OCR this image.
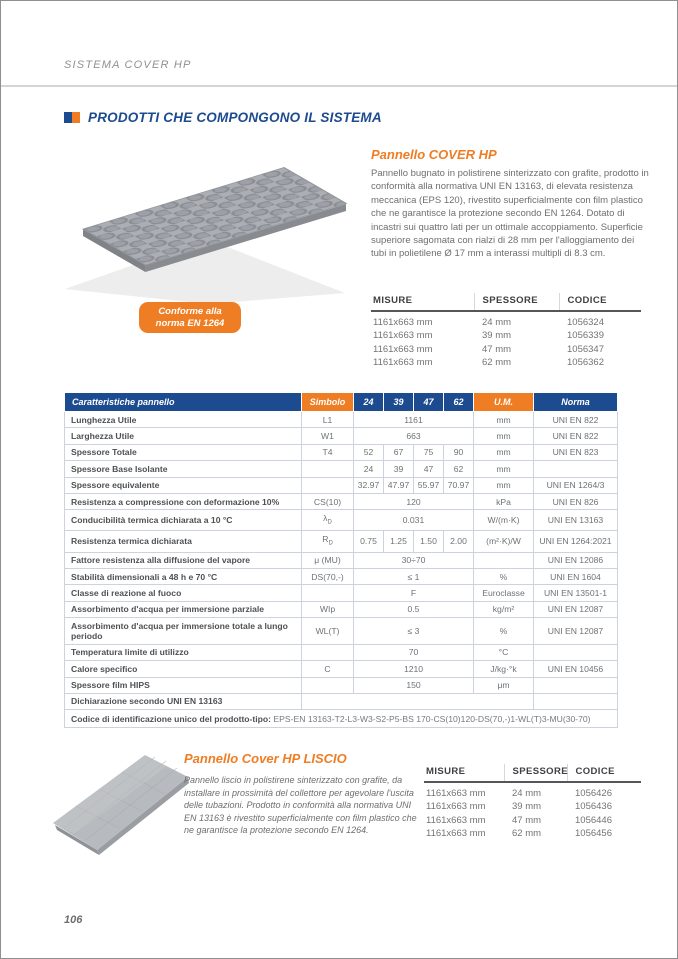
SISTEMA COVER HP
PRODOTTI CHE COMPONGONO IL SISTEMA
Conforme alla
norma EN 1264
Pannello COVER HP
Pannello bugnato in polistirene sinterizzato con grafite, prodotto in conformità alla normativa UNI EN 13163, di elevata resistenza meccanica (EPS 120), rivestito superficialmente con film plastico che ne garantisce la protezione secondo EN 1264. Dotato di incastri sui quattro lati per un ottimale accoppiamento. Superficie superiore sagomata con rialzi di 28 mm per l'alloggiamento dei tubi in polietilene Ø 17 mm a interassi multipli di 8.3 cm.
MISURE	SPESSORE	CODICE
1161x663 mm	24 mm	1056324
1161x663 mm	39 mm	1056339
1161x663 mm	47 mm	1056347
1161x663 mm	62 mm	1056362
Caratteristiche pannello	Simbolo	24	39	47	62	U.M.	Norma
Lunghezza Utile	L1	1161				mm	UNI EN 822
Larghezza Utile	W1	663				mm	UNI EN 822
Spessore Totale	T4	52	67	75	90	mm	UNI EN 823
Spessore Base Isolante		24	39	47	62	mm	
Spessore equivalente		32.97	47.97	55.97	70.97	mm	UNI EN 1264/3
Resistenza a compressione con deformazione 10%	CS(10)	120				kPa	UNI EN 826
Conducibilità termica dichiarata a 10 °C	$\lambda_D$	0.031				W/(m·K)	UNI EN 13163
Resistenza termica dichiarata	$R_D$	0.75	1.25	1.50	2.00	(m²·K)/W	UNI EN 1264:2021
Fattore resistenza alla diffusione del vapore	μ (MU)	30÷70					UNI EN 12086
Stabilità dimensionali a 48 h e 70 °C	DS(70,-)	≤ 1				%	UNI EN 1604
Classe di reazione al fuoco		F				Euroclasse	UNI EN 13501-1
Assorbimento d'acqua per immersione parziale	WIp	0.5				kg/m²	UNI EN 12087
Assorbimento d'acqua per immersione totale a lungo periodo	WL(T)	≤ 3				%	UNI EN 12087
Temperatura limite di utilizzo		70				°C	
Calore specifico	C	1210				J/kg·°k	UNI EN 10456
Spessore film HIPS		150				μm	
Dichiarazione secondo UNI EN 13163							
Codice di identificazione unico del prodotto-tipo: EPS-EN 13163-T2-L3-W3-S2-P5-BS 170-CS(10)120-DS(70,-)1-WL(T)3-MU(30-70)							
Pannello Cover HP LISCIO
Pannello liscio in polistirene sinterizzato con grafite, da installare in prossimità del collettore per agevolare l'uscita delle tubazioni. Prodotto in conformità alla normativa UNI EN 13163 è rivestito superficialmente con film plastico che ne garantisce la protezione secondo EN 1264.
MISURE	SPESSORE	CODICE
1161x663 mm	24 mm	1056426
1161x663 mm	39 mm	1056436
1161x663 mm	47 mm	1056446
1161x663 mm	62 mm	1056456
106
